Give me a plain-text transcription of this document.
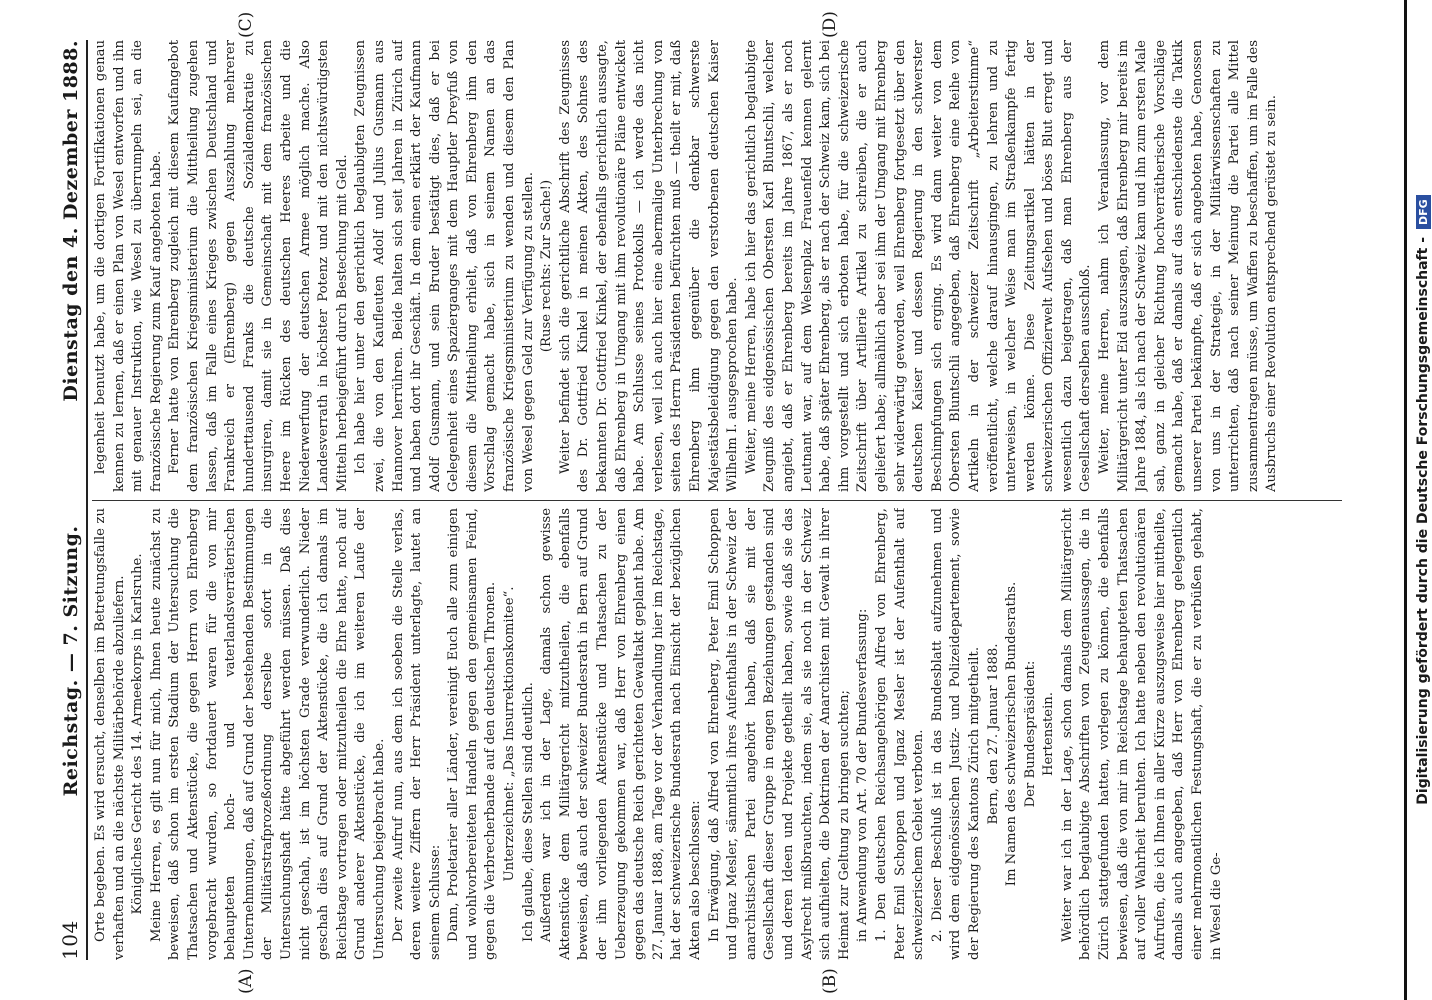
104
Reichstag. — 7. Sitzung.
Dienstag den 4. Dezember 1888.
(A)	(B)
(C)	(D)

Orte begeben. Es wird ersucht, denselben im Betretungsfalle zu verhaften und an die nächste Militärbehörde abzuliefern. Königliches Gericht des 14. Armeekorps in Karlsruhe. Meine Herren, es gilt nun für mich, Ihnen heute zunächst zu beweisen, daß schon im ersten Stadium der Untersuchung die Thatsachen und Aktenstücke, die gegen Herrn von Ehrenberg vorgebracht wurden, so fortdauert waren für die von mir behaupteten hoch- und vaterlandsverräterischen Unternehmungen, daß auf Grund der bestehenden Bestimmungen der Militärstrafprozeßordnung derselbe sofort in die Untersuchungshaft hätte abgeführt werden müssen. Daß dies nicht geschah, ist im höchsten Grade verwunderlich. Nieder geschah dies auf Grund der Aktenstücke, die ich damals im Reichstage vortragen oder mitzutheilen die Ehre hatte, noch auf Grund anderer Aktenstücke, die ich im weiteren Laufe der Untersuchung beigebracht habe. Der zweite Aufruf nun, aus dem ich soeben die Stelle verlas, deren weitere Ziffern der Herr Präsident unterlagte, lautet an seinem Schlusse: Dann, Proletarier aller Länder, vereinigt Euch alle zum einigen und wohlvorbereiteten Handeln gegen den gemeinsamen Feind, gegen die Verbrecherbande auf den deutschen Thronen. Unterzeichnet: „Das Insurrektionskomitee“. Ich glaube, diese Stellen sind deutlich. Außerdem war ich in der Lage, damals schon gewisse Aktenstücke dem Militärgericht mitzutheilen, die ebenfalls beweisen, daß auch der schweizer Bundesrath in Bern auf Grund der ihm vorliegenden Aktenstücke und Thatsachen zu der Ueberzeugung gekommen war, daß Herr von Ehrenberg einen gegen das deutsche Reich gerichteten Gewaltakt geplant habe. Am 27. Januar 1888, am Tage vor der Verhandlung hier im Reichstage, hat der schweizerische Bundesrath nach Einsicht der bezüglichen Akten also beschlossen: In Erwägung, daß Alfred von Ehrenberg, Peter Emil Schoppen und Ignaz Mesler, sämmtlich ihres Aufenthalts in der Schweiz der anarchistischen Partei angehört haben, daß sie mit der Gesellschaft dieser Gruppe in engen Beziehungen gestanden sind und deren Ideen und Projekte getheilt haben, sowie daß sie das Asylrecht mißbrauchten, indem sie, als sie noch in der Schweiz sich aufhielten, die Doktrinen der Anarchisten mit Gewalt in ihrer Heimat zur Geltung zu bringen suchten; in Anwendung von Art. 70 der Bundesverfassung: 1. Den deutschen Reichsangehörigen Alfred von Ehrenberg, Peter Emil Schoppen und Ignaz Mesler ist der Aufenthalt auf schweizerischem Gebiet verboten. 2. Dieser Beschluß ist in das Bundesblatt aufzunehmen und wird dem eidgenössischen Justiz- und Polizeidepartement, sowie der Regierung des Kantons Zürich mitgetheilt. Bern, den 27. Januar 1888. Im Namen des schweizerischen Bundesraths. Der Bundespräsident: Hertenstein. Weiter war ich in der Lage, schon damals dem Militärgericht behördlich beglaubigte Abschriften von Zeugenaussagen, die in Zürich stattgefunden hatten, vorlegen zu können, die ebenfalls bewiesen, daß die von mir im Reichstage behaupteten Thatsachen auf voller Wahrheit beruhten. Ich hatte neben den revolutionären Aufrufen, die ich Ihnen in aller Kürze auszugsweise hier mittheilte, damals auch angegeben, daß Herr von Ehrenberg gelegentlich einer mehrmonatlichen Festungshaft, die er zu verbüßen gehabt, in Wesel die Ge-

legenheit benutzt habe, um die dortigen Fortifikationen genau kennen zu lernen, daß er einen Plan von Wesel entworfen und ihn mit genauer Instruktion, wie Wesel zu überrumpeln sei, an die französische Regierung zum Kauf angeboten habe. Ferner hatte von Ehrenberg zugleich mit diesem Kaufangebot dem französischen Kriegsministerium die Mittheilung zugehen lassen, daß im Falle eines Krieges zwischen Deutschland und Frankreich er (Ehrenberg) gegen Auszahlung mehrerer hunderttausend Franks die deutsche Sozialdemokratie zu insurgiren, damit sie in Gemeinschaft mit dem französischen Heere im Rücken des deutschen Heeres arbeite und die Niederwerfung der deutschen Armee möglich mache. Also Landesverrath in höchster Potenz und mit den nichtswürdigsten Mitteln herbeigeführt durch Bestechung mit Geld. Ich habe hier unter den gerichtlich beglaubigten Zeugnissen zwei, die von den Kaufleuten Adolf und Julius Gusmann aus Hannover herrühren. Beide halten sich seit Jahren in Zürich auf und haben dort ihr Geschäft. In dem einen erklärt der Kaufmann Adolf Gusmann, und sein Bruder bestätigt dies, daß er bei Gelegenheit eines Spazierganges mit dem Hauptler Dreyfuß von diesem die Mittheilung erhielt, daß von Ehrenberg ihm den Vorschlag gemacht habe, sich in seinem Namen an das französische Kriegsministerium zu wenden und diesem den Plan von Wesel gegen Geld zur Verfügung zu stellen. (Ruse rechts: Zur Sache!) Weiter befindet sich die gerichtliche Abschrift des Zeugnisses des Dr. Gottfried Kinkel in meinen Akten, des Sohnes des bekannten Dr. Gottfried Kinkel, der ebenfalls gerichtlich aussagte, daß Ehrenberg in Umgang mit ihm revolutionäre Pläne entwickelt habe. Am Schlusse seines Protokolls — ich werde das nicht verlesen, weil ich auch hier eine abermalige Unterbrechung von seiten des Herrn Präsidenten befürchten muß — theilt er mit, daß Ehrenberg ihm gegenüber die denkbar schwerste Majestätsbeleidigung gegen den verstorbenen deutschen Kaiser Wilhelm I. ausgesprochen habe. Weiter, meine Herren, habe ich hier das gerichtlich beglaubigte Zeugniß des eidgenössischen Obersten Karl Bluntschli, welcher angiebt, daß er Ehrenberg bereits im Jahre 1867, als er noch Leutnant war, auf dem Welsenplaz Frauenfeld kennen gelernt habe, daß später Ehrenberg, als er nach der Schweiz kam, sich bei ihm vorgestellt und sich erboten habe, für die schweizerische Zeitschrift über Artillerie Artikel zu schreiben, die er auch geliefert habe; allmählich aber sei ihm der Umgang mit Ehrenberg sehr widerwärtig geworden, weil Ehrenberg fortgesetzt über den deutschen Kaiser und dessen Regierung in den schwerster Beschimpfungen sich erging. Es wird dann weiter von dem Obersten Bluntschli angegeben, daß Ehrenberg eine Reihe von Artikeln in der schweizer Zeitschrift „Arbeiterstimme“ veröffentlicht, welche darauf hinausgingen, zu lehren und zu unterweisen, in welcher Weise man im Straßenkampfe fertig werden könne. Diese Zeitungsartikel hätten in der schweizerischen Offizierwelt Aufsehen und böses Blut erregt und wesentlich dazu beigetragen, daß man Ehrenberg aus der Gesellschaft derselben ausschloß. Weiter, meine Herren, nahm ich Veranlassung, vor dem Militärgericht unter Eid auszusagen, daß Ehrenberg mir bereits im Jahre 1884, als ich nach der Schweiz kam und ihn zum ersten Male sah, ganz in gleicher Richtung hochverrätherische Vorschläge gemacht habe, daß er damals auf das entschiedenste die Taktik unserer Partei bekämpfte, daß er sich angeboten habe, Genossen von uns in der Strategie, in der Militärwissenschaften zu unterrichten, daß nach seiner Meinung die Partei alle Mittel zusammentragen müsse, um Waffen zu beschaffen, um im Falle des Ausbruchs einer Revolution entsprechend gerüstet zu sein.	Digitalisierung gefördert durch die Deutsche Forschungsgemeinschaft -
DFG
